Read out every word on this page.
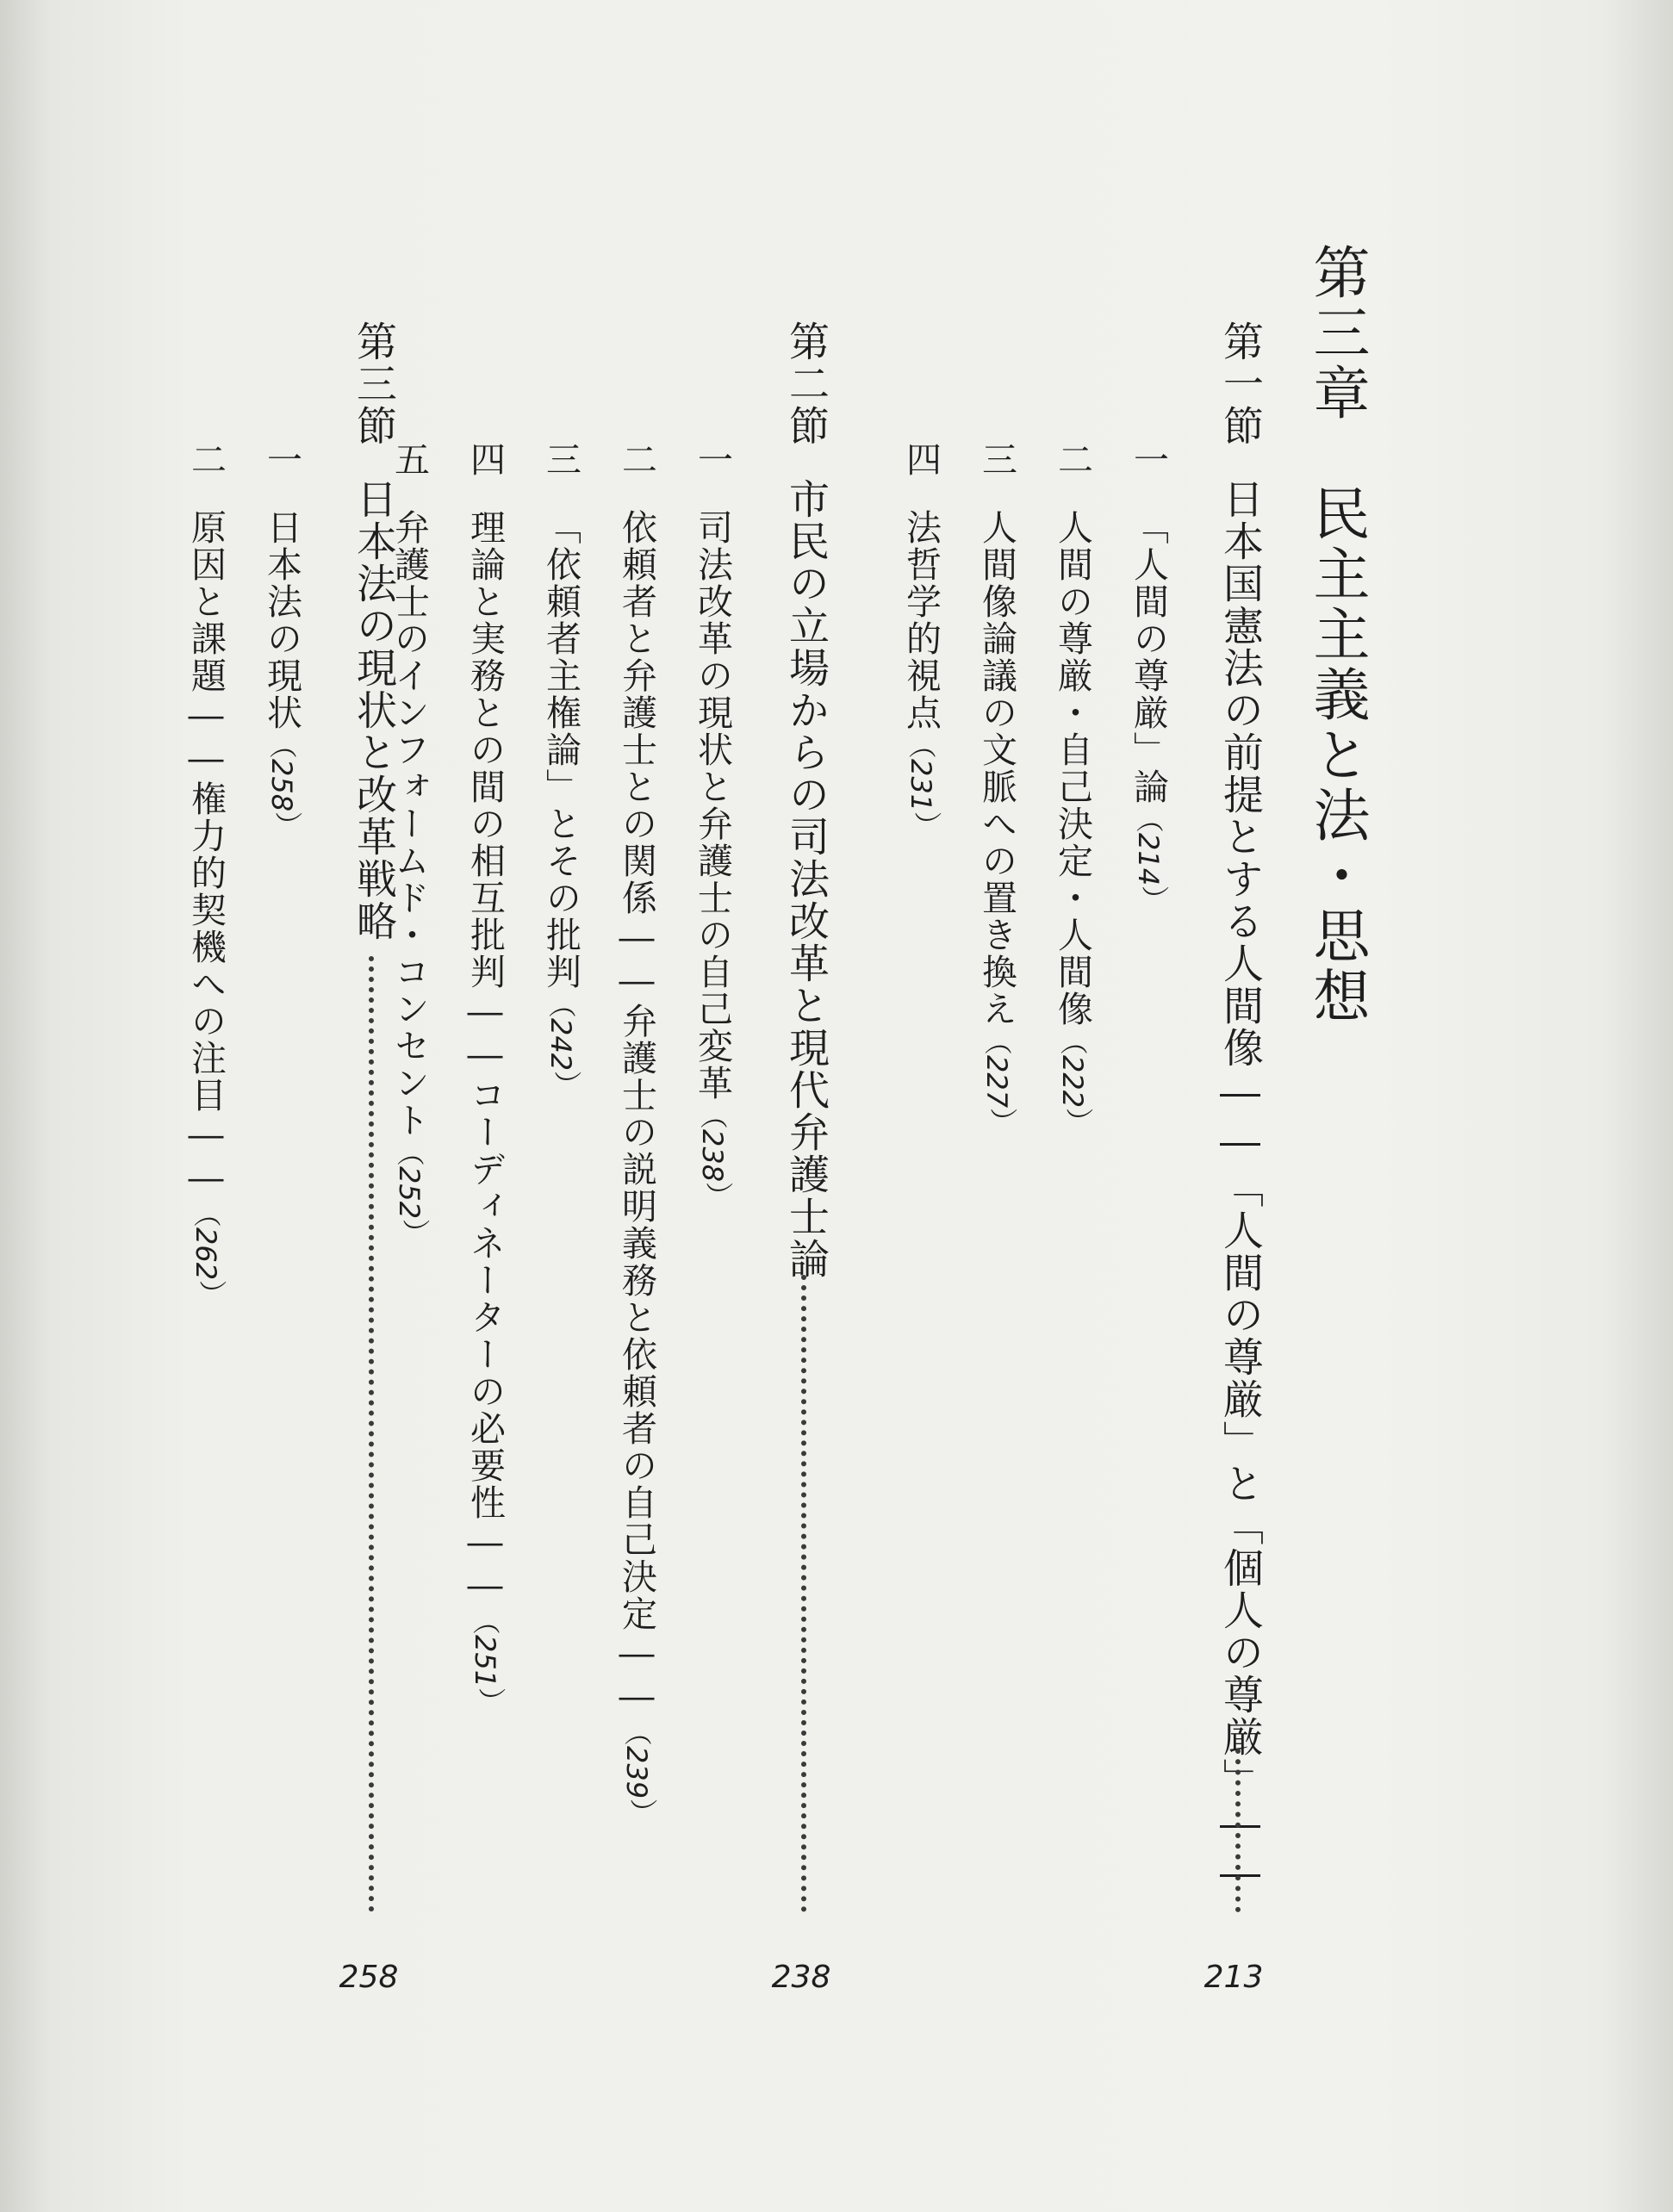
第三章　民主主義と法・思想
第一節日本国憲法の前提とする人間像――「人間の尊厳」と「個人の尊厳」――
213
一「人間の尊厳」論（214）
二人間の尊厳・自己決定・人間像（222）
三人間像論議の文脈への置き換え（227）
四法哲学的視点（231）
第二節市民の立場からの司法改革と現代弁護士論
238
一司法改革の現状と弁護士の自己変革（238）
二依頼者と弁護士との関係――弁護士の説明義務と依頼者の自己決定――（239）
三「依頼者主権論」とその批判（242）
四理論と実務との間の相互批判――コーディネーターの必要性――（251）
五弁護士のインフォームド・コンセント（252）
第三節日本法の現状と改革戦略
258
一日本法の現状（258）
二原因と課題――権力的契機への注目――（262）
